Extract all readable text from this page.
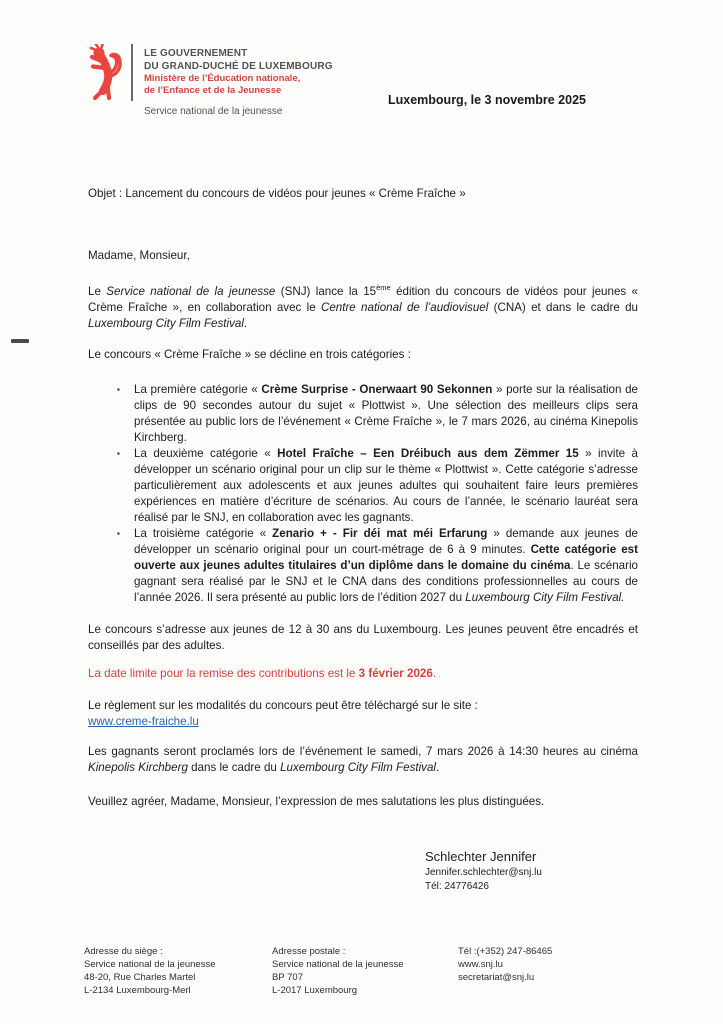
LE GOUVERNEMENT
DU GRAND-DUCHÉ DE LUXEMBOURG
Ministère de l’Éducation nationale,
de l’Enfance et de la Jeunesse
Service national de la jeunesse
Luxembourg, le 3 novembre 2025

Objet : Lancement du concours de vidéos pour jeunes « Crème Fraîche »

Madame, Monsieur,

Le Service national de la jeunesse (SNJ) lance la 15ème édition du concours de vidéos pour jeunes « Crème Fraîche », en collaboration avec le Centre national de l’audiovisuel (CNA) et dans le cadre du Luxembourg City Film Festival.

Le concours « Crème Fraîche » se décline en trois catégories :

▪	La première catégorie « Crème Surprise - Onerwaart 90 Sekonnen » porte sur la réalisation de clips de 90 secondes autour du sujet « Plottwist ». Une sélection des meilleurs clips sera présentée au public lors de l’événement « Crème Fraîche », le 7 mars 2026, au cinéma Kinepolis Kirchberg.
▪	La deuxième catégorie « Hotel Fraîche – Een Dréibuch aus dem Zëmmer 15 » invite à développer un scénario original pour un clip sur le thème « Plottwist ». Cette catégorie s’adresse particulièrement aux adolescents et aux jeunes adultes qui souhaitent faire leurs premières expériences en matière d’écriture de scénarios. Au cours de l’année, le scénario lauréat sera réalisé par le SNJ, en collaboration avec les gagnants.
▪	La troisième catégorie « Zenario + - Fir déi mat méi Erfarung » demande aux jeunes de développer un scénario original pour un court-métrage de 6 à 9 minutes. Cette catégorie est ouverte aux jeunes adultes titulaires d’un diplôme dans le domaine du cinéma. Le scénario gagnant sera réalisé par le SNJ et le CNA dans des conditions professionnelles au cours de l’année 2026. Il sera présenté au public lors de l’édition 2027 du Luxembourg City Film Festival.

Le concours s’adresse aux jeunes de 12 à 30 ans du Luxembourg. Les jeunes peuvent être encadrés et conseillés par des adultes.

La date limite pour la remise des contributions est le 3 février 2026.

Le règlement sur les modalités du concours peut être téléchargé sur le site :
www.creme-fraiche.lu

Les gagnants seront proclamés lors de l’événement le samedi, 7 mars 2026 à 14:30 heures au cinéma Kinepolis Kirchberg dans le cadre du Luxembourg City Film Festival.

Veuillez agréer, Madame, Monsieur, l’expression de mes salutations les plus distinguées.

Schlechter Jennifer
Jennifer.schlechter@snj.lu
Tél: 24776426
Adresse du siège :
Service national de la jeunesse
48-20, Rue Charles Martel
L-2134 Luxembourg-Merl
Adresse postale :
Service national de la jeunesse
BP 707
L-2017 Luxembourg
Tél :(+352) 247-86465
www.snj.lu
secretariat@snj.lu
